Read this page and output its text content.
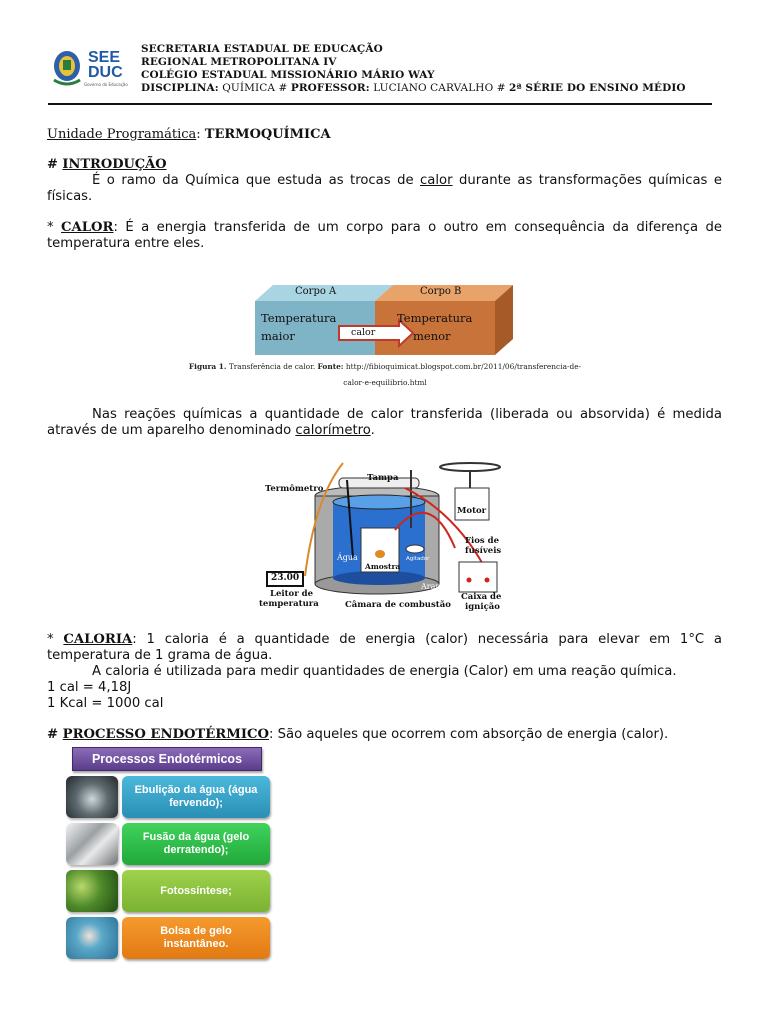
SEE
DUC
Governo do Educação
SECRETARIA ESTADUAL DE EDUCAÇÃO
REGIONAL METROPOLITANA IV
COLÉGIO ESTADUAL MISSIONÁRIO MÁRIO WAY
DISCIPLINA: QUÍMICA # PROFESSOR: LUCIANO CARVALHO # 2ª SÉRIE DO ENSINO MÉDIO
Unidade Programática: TERMOQUÍMICA
# INTRODUÇÃO
É o ramo da Química que estuda as trocas de calor durante as transformações químicas e físicas.
* CALOR: É a energia transferida de um corpo para o outro em consequência da diferença de temperatura entre eles.
Corpo A	Corpo B
Temperatura
maior
Temperatura
menor
calor
Figura 1. Transferência de calor. Fonte: http://fibioquimicat.blogspot.com.br/2011/06/transferencia-de-
calor-e-equilibrio.html
Nas reações químicas a quantidade de calor transferida (liberada ou absorvida) é medida através de um aparelho denominado calorímetro.
Tampa
Termômetro
Motor
Água	Agitador
Amostra
Fios de
fusíveis
Arame
23.00
Leitor de
temperatura	Câmara de combustão
Caixa de
ignição
* CALORIA: 1 caloria é a quantidade de energia (calor) necessária para elevar em 1°C a temperatura de 1 grama de água.
A caloria é utilizada para medir quantidades de energia (Calor) em uma reação química.
1 cal = 4,18J
1 Kcal = 1000 cal
# PROCESSO ENDOTÉRMICO: São aqueles que ocorrem com absorção de energia (calor).
Processos Endotérmicos
Ebulição da água (água fervendo);
Fusão da água (gelo derratendo);
Fotossíntese;
Bolsa de gelo instantâneo.
